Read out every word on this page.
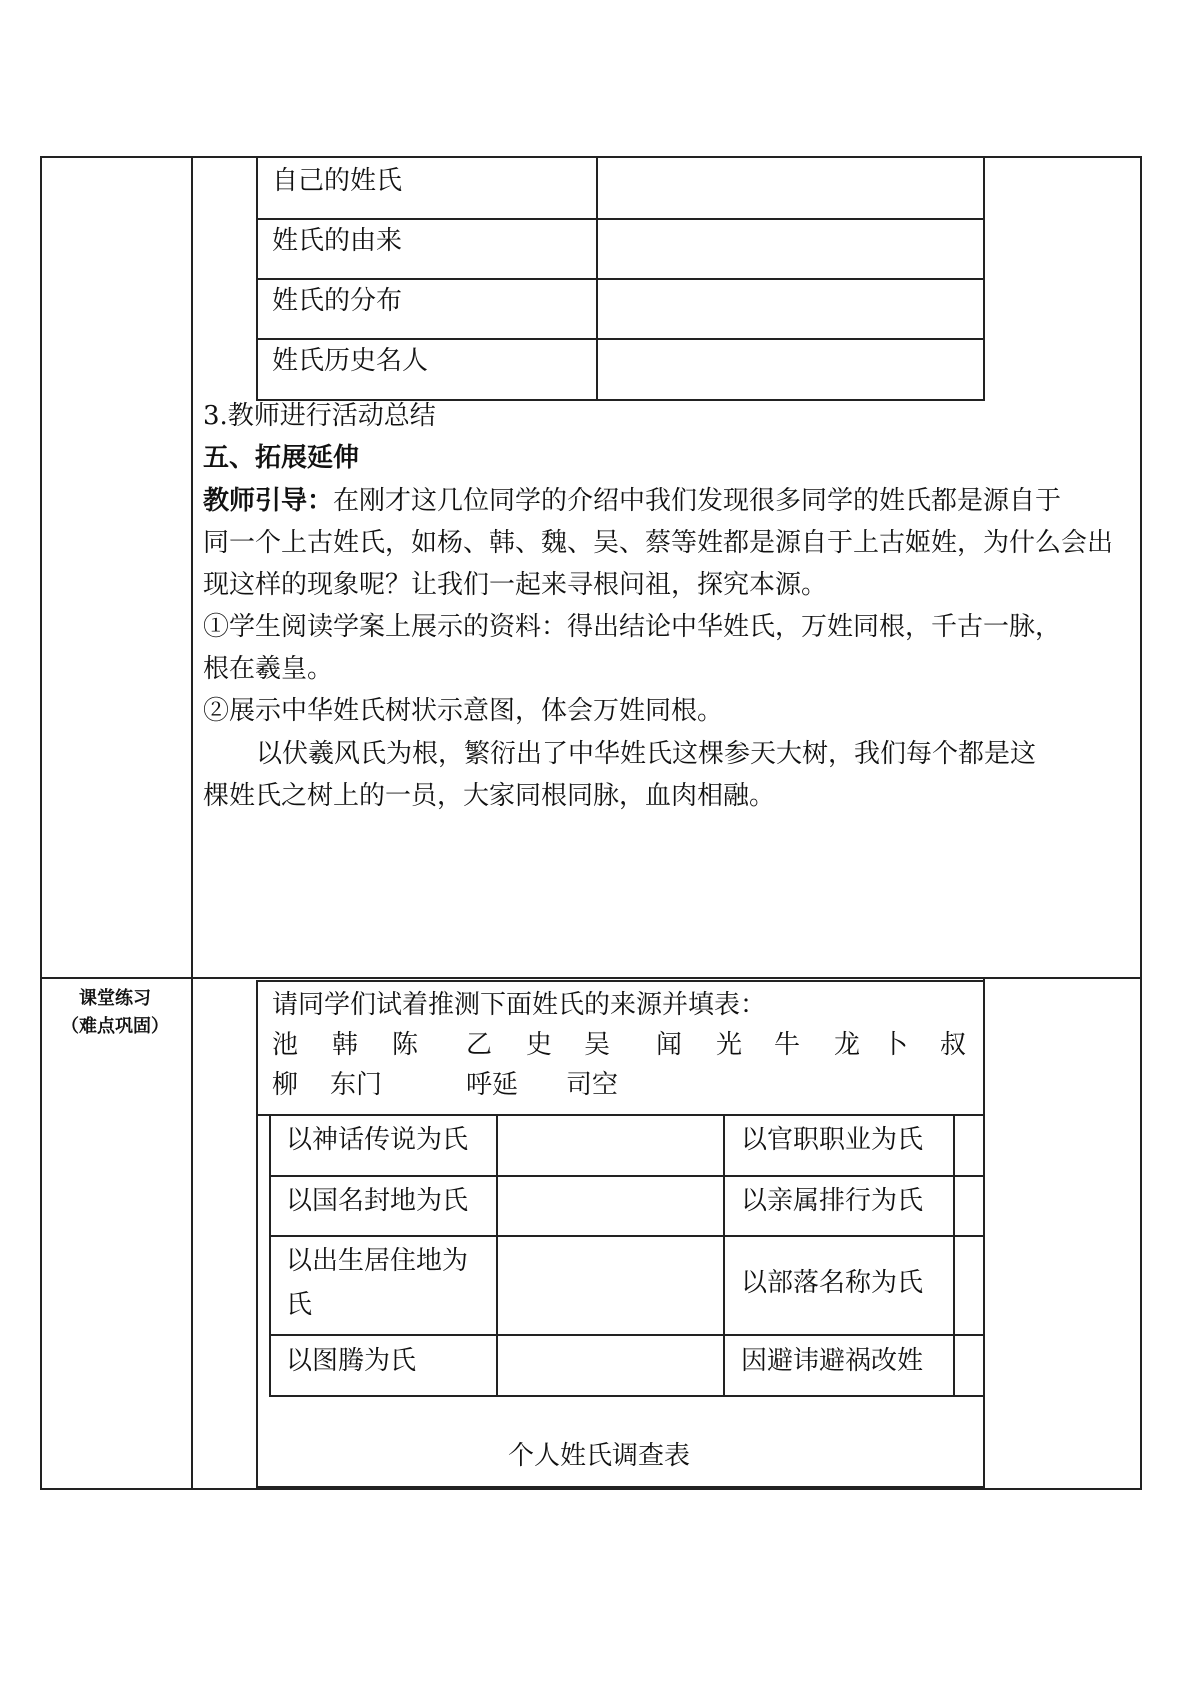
自己的姓氏
姓氏的由来
姓氏的分布
姓氏历史名人
3.教师进行活动总结
五、拓展延伸
教师引导：在刚才这几位同学的介绍中我们发现很多同学的姓氏都是源自于
同一个上古姓氏，如杨、韩、魏、吴、蔡等姓都是源自于上古姬姓，为什么会出
现这样的现象呢？让我们一起来寻根问祖，探究本源。
①学生阅读学案上展示的资料：得出结论中华姓氏，万姓同根，千古一脉，
根在羲皇。
②展示中华姓氏树状示意图，体会万姓同根。
以伏羲风氏为根，繁衍出了中华姓氏这棵参天大树，我们每个都是这
棵姓氏之树上的一员，大家同根同脉，血肉相融。
课堂练习
（难点巩固）
请同学们试着推测下面姓氏的来源并填表：
池 韩 陈 乙 史 吴 闻 光 牛 龙 卜 叔
柳 东门	呼延 司空
以神话传说为氏
以国名封地为氏
以出生居住地为
氏
以图腾为氏
以官职职业为氏
以亲属排行为氏
以部落名称为氏
因避讳避祸改姓
个人姓氏调查表
